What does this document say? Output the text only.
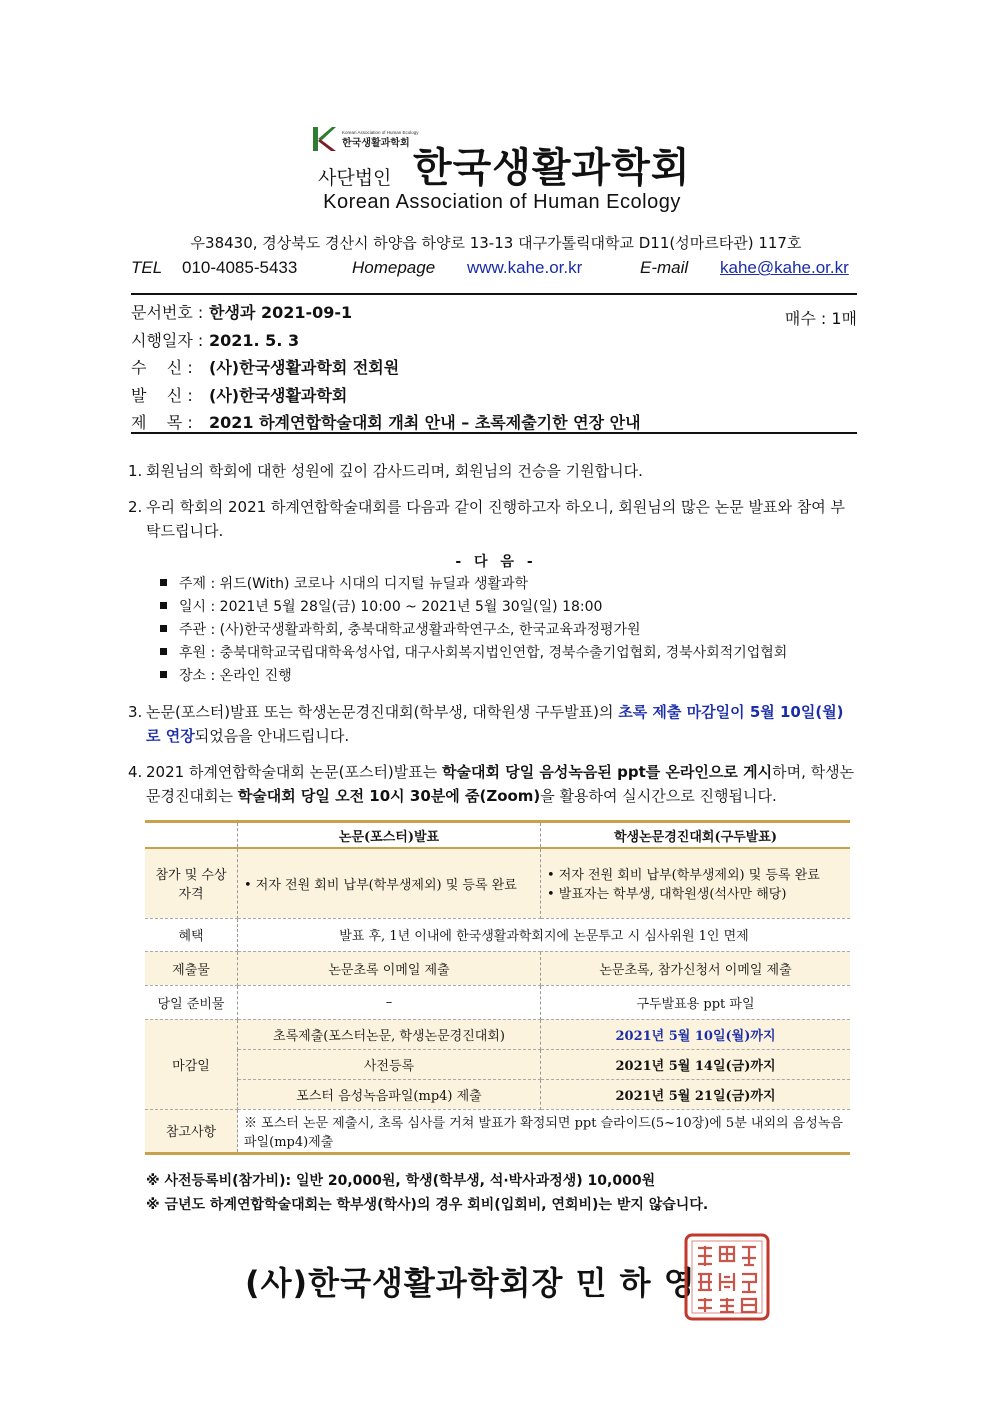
Korean Association of Human Ecology
한국생활과학회
사단법인 한국생활과학회
Korean Association of Human Ecology
우38430, 경상북도 경산시 하양읍 하양로 13-13 대구가톨릭대학교 D11(성마르타관) 117호
TEL 010-4085-5433	Homepage www.kahe.or.kr	E-mail kahe@kahe.or.kr
문서번호 : 한생과 2021-09-1
시행일자 : 2021. 5. 3
수    신 : (사)한국생활과학회 전회원
발    신 : (사)한국생활과학회
제    목 : 2021 하계연합학술대회 개최 안내 – 초록제출기한 연장 안내
매수 : 1매
1. 회원님의 학회에 대한 성원에 깊이 감사드리며, 회원님의 건승을 기원합니다.
2. 우리 학회의 2021 하계연합학술대회를 다음과 같이 진행하고자 하오니, 회원님의 많은 논문 발표와 참여 부탁드립니다.
- 다 음 -
주제 : 위드(With) 코로나 시대의 디지털 뉴딜과 생활과학
일시 : 2021년 5월 28일(금) 10:00 ~ 2021년 5월 30일(일) 18:00
주관 : (사)한국생활과학회, 충북대학교생활과학연구소, 한국교육과정평가원
후원 : 충북대학교국립대학육성사업, 대구사회복지법인연합, 경북수출기업협회, 경북사회적기업협회
장소 : 온라인 진행
3. 논문(포스터)발표 또는 학생논문경진대회(학부생, 대학원생 구두발표)의 초록 제출 마감일이 5월 10일(월)로 연장되었음을 안내드립니다.
4. 2021 하계연합학술대회 논문(포스터)발표는 학술대회 당일 음성녹음된 ppt를 온라인으로 게시하며, 학생논문경진대회는 학술대회 당일 오전 10시 30분에 줌(Zoom)을 활용하여 실시간으로 진행됩니다.
	논문(포스터)발표	학생논문경진대회(구두발표)
참가 및 수상 자격	• 저자 전원 회비 납부(학부생제외) 및 등록 완료	• 저자 전원 회비 납부(학부생제외) 및 등록 완료
• 발표자는 학부생, 대학원생(석사만 해당)

혜택	발표 후, 1년 이내에 한국생활과학회지에 논문투고 시 심사위원 1인 면제	
제출물	논문초록 이메일 제출	논문초록, 참가신청서 이메일 제출
당일 준비물	–	구두발표용 ppt 파일
마감일	초록제출(포스터논문, 학생논문경진대회)	2021년 5월 10일(월)까지
	사전등록	2021년 5월 14일(금)까지
	포스터 음성녹음파일(mp4) 제출	2021년 5월 21일(금)까지
참고사항	※ 포스터 논문 제출시, 초록 심사를 거쳐 발표가 확정되면 ppt 슬라이드(5~10장)에 5분 내외의 음성녹음 파일(mp4)제출	
※ 사전등록비(참가비): 일반 20,000원, 학생(학부생, 석·박사과정생) 10,000원
※ 금년도 하계연합학술대회는 학부생(학사)의 경우 회비(입회비, 연회비)는 받지 않습니다.
(사)한국생활과학회장 민 하 영
